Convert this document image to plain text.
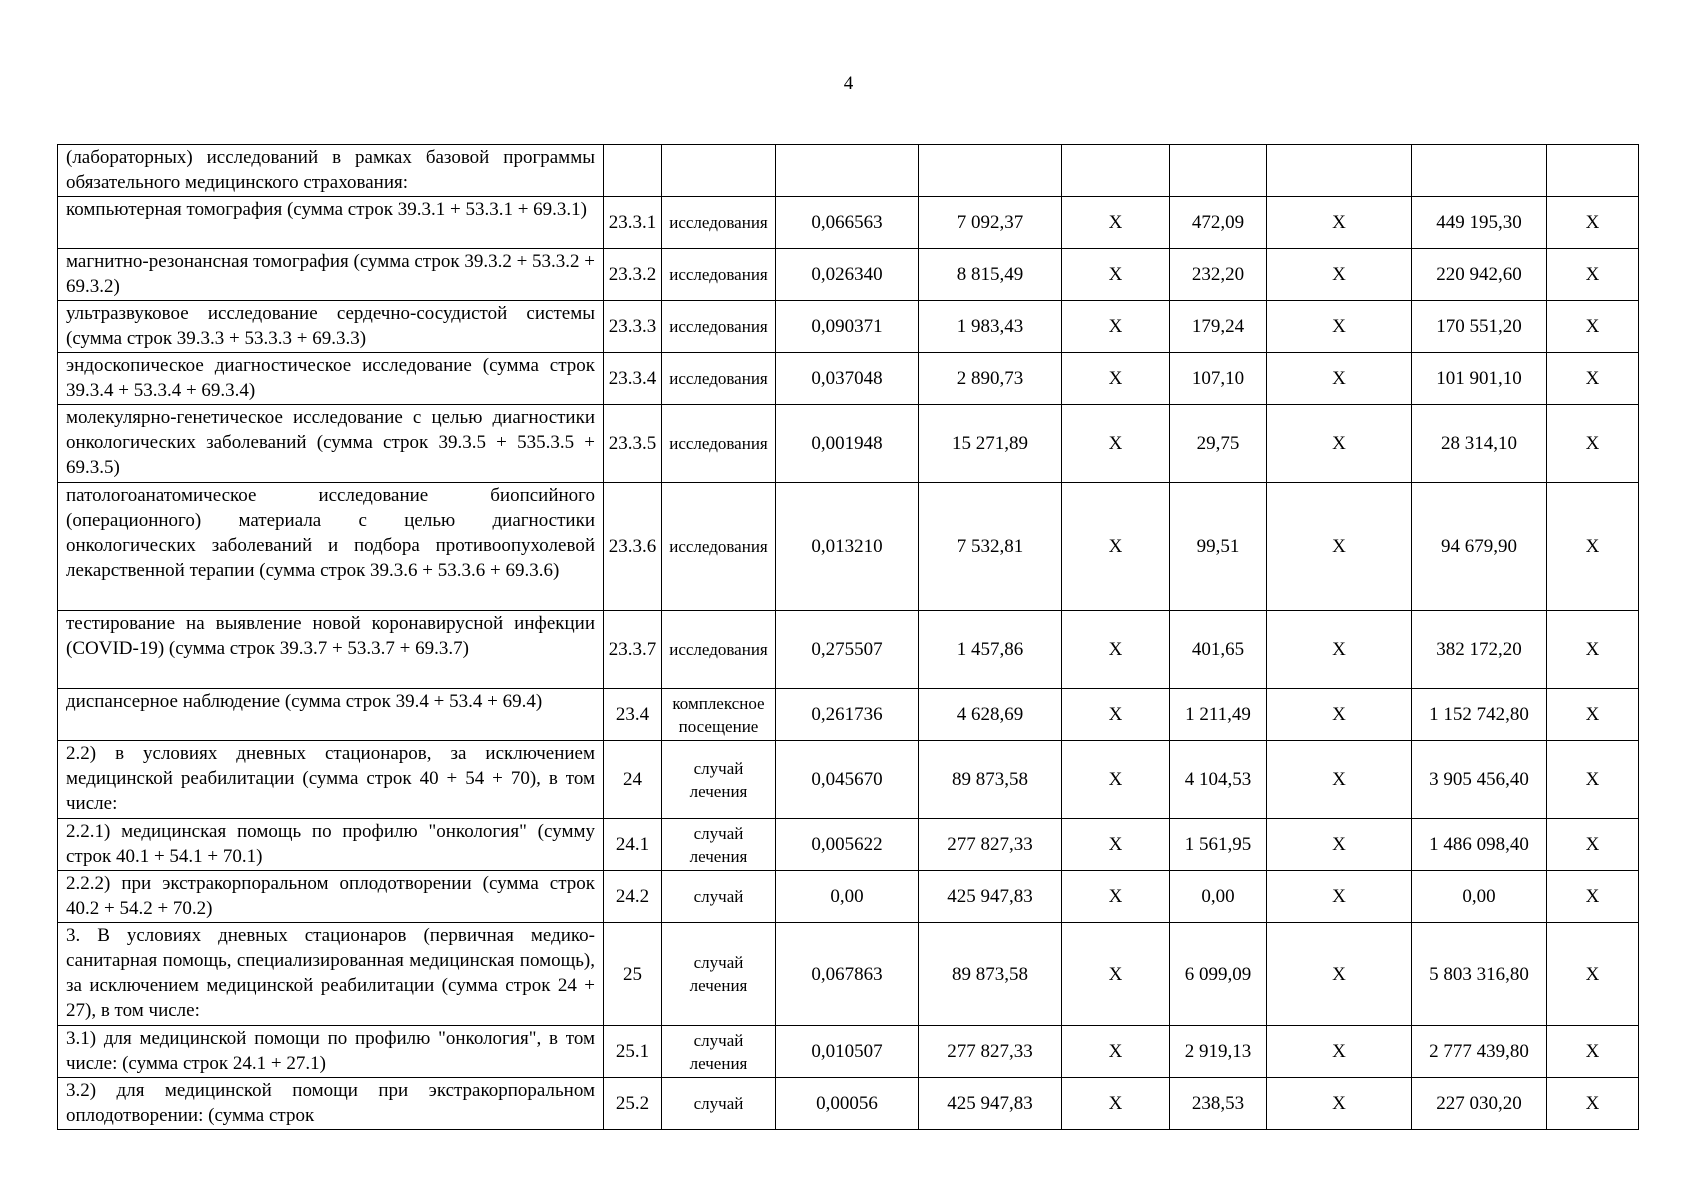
4
(лабораторных) исследований в рамках базовой программы обязательного медицинского страхования:									
компьютерная томография (сумма строк 39.3.1 + 53.3.1 + 69.3.1)	23.3.1	исследования	0,066563	7 092,37	X	472,09	X	449 195,30	X
магнитно-резонансная томография (сумма строк 39.3.2 + 53.3.2 + 69.3.2)	23.3.2	исследования	0,026340	8 815,49	X	232,20	X	220 942,60	X
ультразвуковое исследование сердечно-сосудистой системы (сумма строк 39.3.3 + 53.3.3 + 69.3.3)	23.3.3	исследования	0,090371	1 983,43	X	179,24	X	170 551,20	X
эндоскопическое диагностическое исследование (сумма строк 39.3.4 + 53.3.4 + 69.3.4)	23.3.4	исследования	0,037048	2 890,73	X	107,10	X	101 901,10	X
молекулярно-генетическое исследование с целью диагностики онкологических заболеваний (сумма строк 39.3.5 + 535.3.5 + 69.3.5)	23.3.5	исследования	0,001948	15 271,89	X	29,75	X	28 314,10	X
патологоанатомическое исследование биопсийного (операционного) материала с целью диагностики онкологических заболеваний и подбора противоопухолевой лекарственной терапии (сумма строк 39.3.6 + 53.3.6 + 69.3.6)	23.3.6	исследования	0,013210	7 532,81	X	99,51	X	94 679,90	X
тестирование на выявление новой коронавирусной инфекции (COVID-19) (сумма строк 39.3.7 + 53.3.7 + 69.3.7)	23.3.7	исследования	0,275507	1 457,86	X	401,65	X	382 172,20	X
диспансерное наблюдение (сумма строк 39.4 + 53.4 + 69.4)	23.4	комплексное посещение	0,261736	4 628,69	X	1 211,49	X	1 152 742,80	X
2.2) в условиях дневных стационаров, за исключением медицинской реабилитации (сумма строк 40 + 54 + 70), в том числе:	24	случай лечения	0,045670	89 873,58	X	4 104,53	X	3 905 456,40	X
2.2.1) медицинская помощь по профилю "онкология" (сумму строк 40.1 + 54.1 + 70.1)	24.1	случай лечения	0,005622	277 827,33	X	1 561,95	X	1 486 098,40	X
2.2.2) при экстракорпоральном оплодотворении (сумма строк 40.2 + 54.2 + 70.2)	24.2	случай	0,00	425 947,83	X	0,00	X	0,00	X
3. В условиях дневных стационаров (первичная медико-санитарная помощь, специализированная медицинская помощь), за исключением медицинской реабилитации (сумма строк 24 + 27), в том числе:	25	случай лечения	0,067863	89 873,58	X	6 099,09	X	5 803 316,80	X
3.1) для медицинской помощи по профилю "онкология", в том числе: (сумма строк 24.1 + 27.1)	25.1	случай лечения	0,010507	277 827,33	X	2 919,13	X	2 777 439,80	X
3.2) для медицинской помощи при экстракорпоральном оплодотворении: (сумма строк	25.2	случай	0,00056	425 947,83	X	238,53	X	227 030,20	X
